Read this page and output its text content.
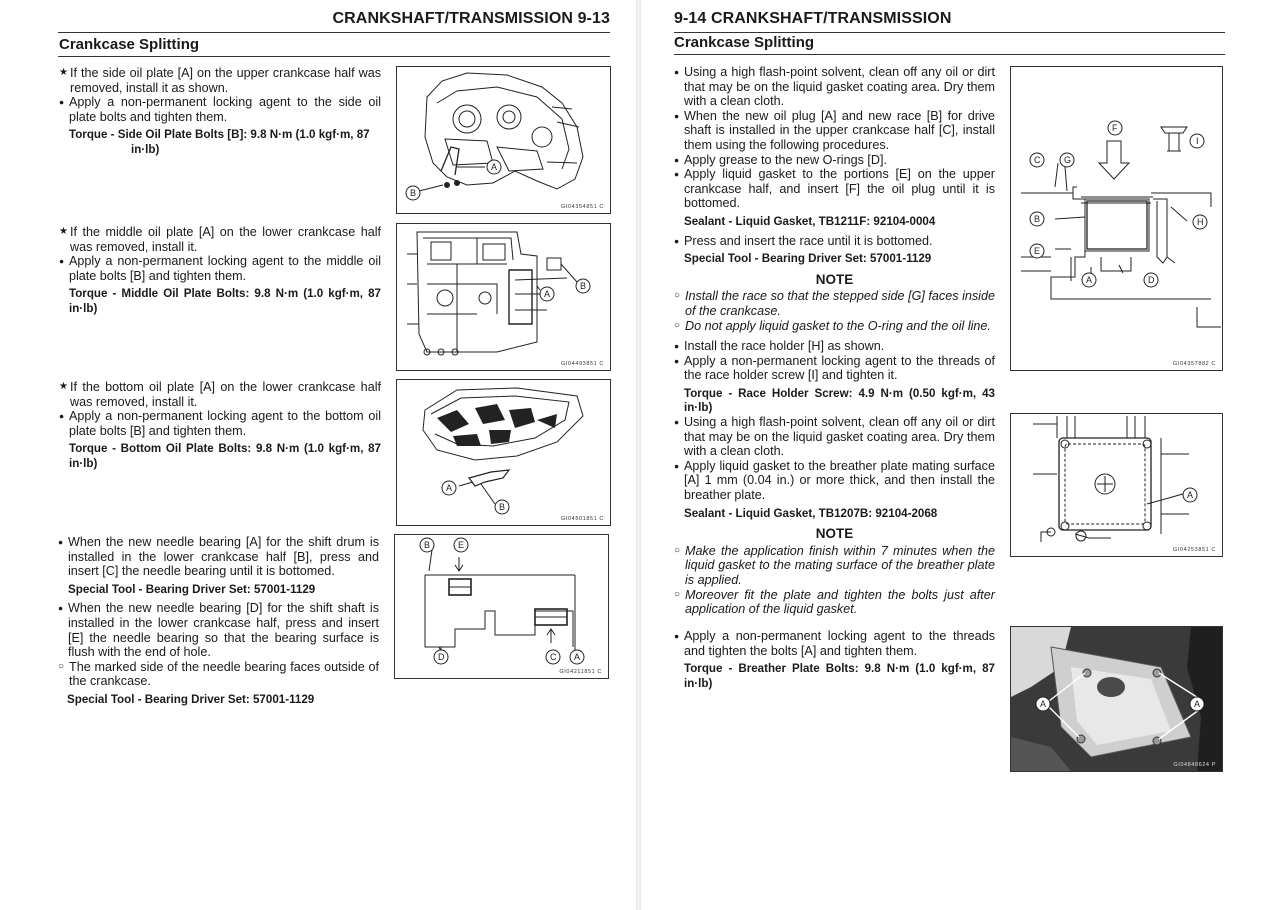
CRANKSHAFT/TRANSMISSION 9-13
Crankcase Splitting

★ If the side oil plate [A] on the upper crankcase half was removed, install it as shown.

● Apply a non-permanent locking agent to the side oil plate bolts and tighten them.

Torque - Side Oil Plate Bolts [B]: 9.8 N·m (1.0 kgf·m, 87
in·lb)

A
B
GI04354851 C

★ If the middle oil plate [A] on the lower crankcase half was removed, install it.

● Apply a non-permanent locking agent to the middle oil plate bolts [B] and tighten them.

Torque - Middle Oil Plate Bolts: 9.8 N·m (1.0 kgf·m, 87 in·lb)

A
B
GI04493851 C

★ If the bottom oil plate [A] on the lower crankcase half was removed, install it.

● Apply a non-permanent locking agent to the bottom oil plate bolts [B] and tighten them.

Torque - Bottom Oil Plate Bolts: 9.8 N·m (1.0 kgf·m, 87 in·lb)

A
B
GI04501851 C

● When the new needle bearing [A] for the shift drum is installed in the lower crankcase half [B], press and insert [C] the needle bearing until it is bottomed.

Special Tool - Bearing Driver Set: 57001-1129

● When the new needle bearing [D] for the shift shaft is installed in the lower crankcase half, press and insert [E] the needle bearing so that the bearing surface is flush with the end of hole.

○ The marked side of the needle bearing faces outside of the crankcase.

Special Tool - Bearing Driver Set: 57001-1129

B	E
D	C A
GI04211851 C
9-14 CRANKSHAFT/TRANSMISSION
Crankcase Splitting

● Using a high flash-point solvent, clean off any oil or dirt that may be on the liquid gasket coating area. Dry them with a clean cloth.

● When the new oil plug [A] and new race [B] for drive shaft is installed in the upper crankcase half [C], install them using the following procedures.

● Apply grease to the new O-rings [D].

● Apply liquid gasket to the portions [E] on the upper crankcase half, and insert [F] the oil plug until it is bottomed.

Sealant - Liquid Gasket, TB1211F: 92104-0004

● Press and insert the race until it is bottomed.

Special Tool - Bearing Driver Set: 57001-1129

NOTE

○ Install the race so that the stepped side [G] faces inside of the crankcase.

○ Do not apply liquid gasket to the O-ring and the oil line.

● Install the race holder [H] as shown.

● Apply a non-permanent locking agent to the threads of the race holder screw [I] and tighten it.

Torque - Race Holder Screw: 4.9 N·m (0.50 kgf·m, 43 in·lb)

F
I
C	G
B
E
H
A	D
GI04357882 C

● Using a high flash-point solvent, clean off any oil or dirt that may be on the liquid gasket coating area. Dry them with a clean cloth.

● Apply liquid gasket to the breather plate mating surface [A] 1 mm (0.04 in.) or more thick, and then install the breather plate.

Sealant - Liquid Gasket, TB1207B: 92104-2068

NOTE

○ Make the application finish within 7 minutes when the liquid gasket to the mating surface of the breather plate is applied.

○ Moreover fit the plate and tighten the bolts just after application of the liquid gasket.

A
GI04253851 C

● Apply a non-permanent locking agent to the threads and tighten the bolts [A] and tighten them.

Torque - Breather Plate Bolts: 9.8 N·m (1.0 kgf·m, 87 in·lb)

A	A
GI04848624 P
